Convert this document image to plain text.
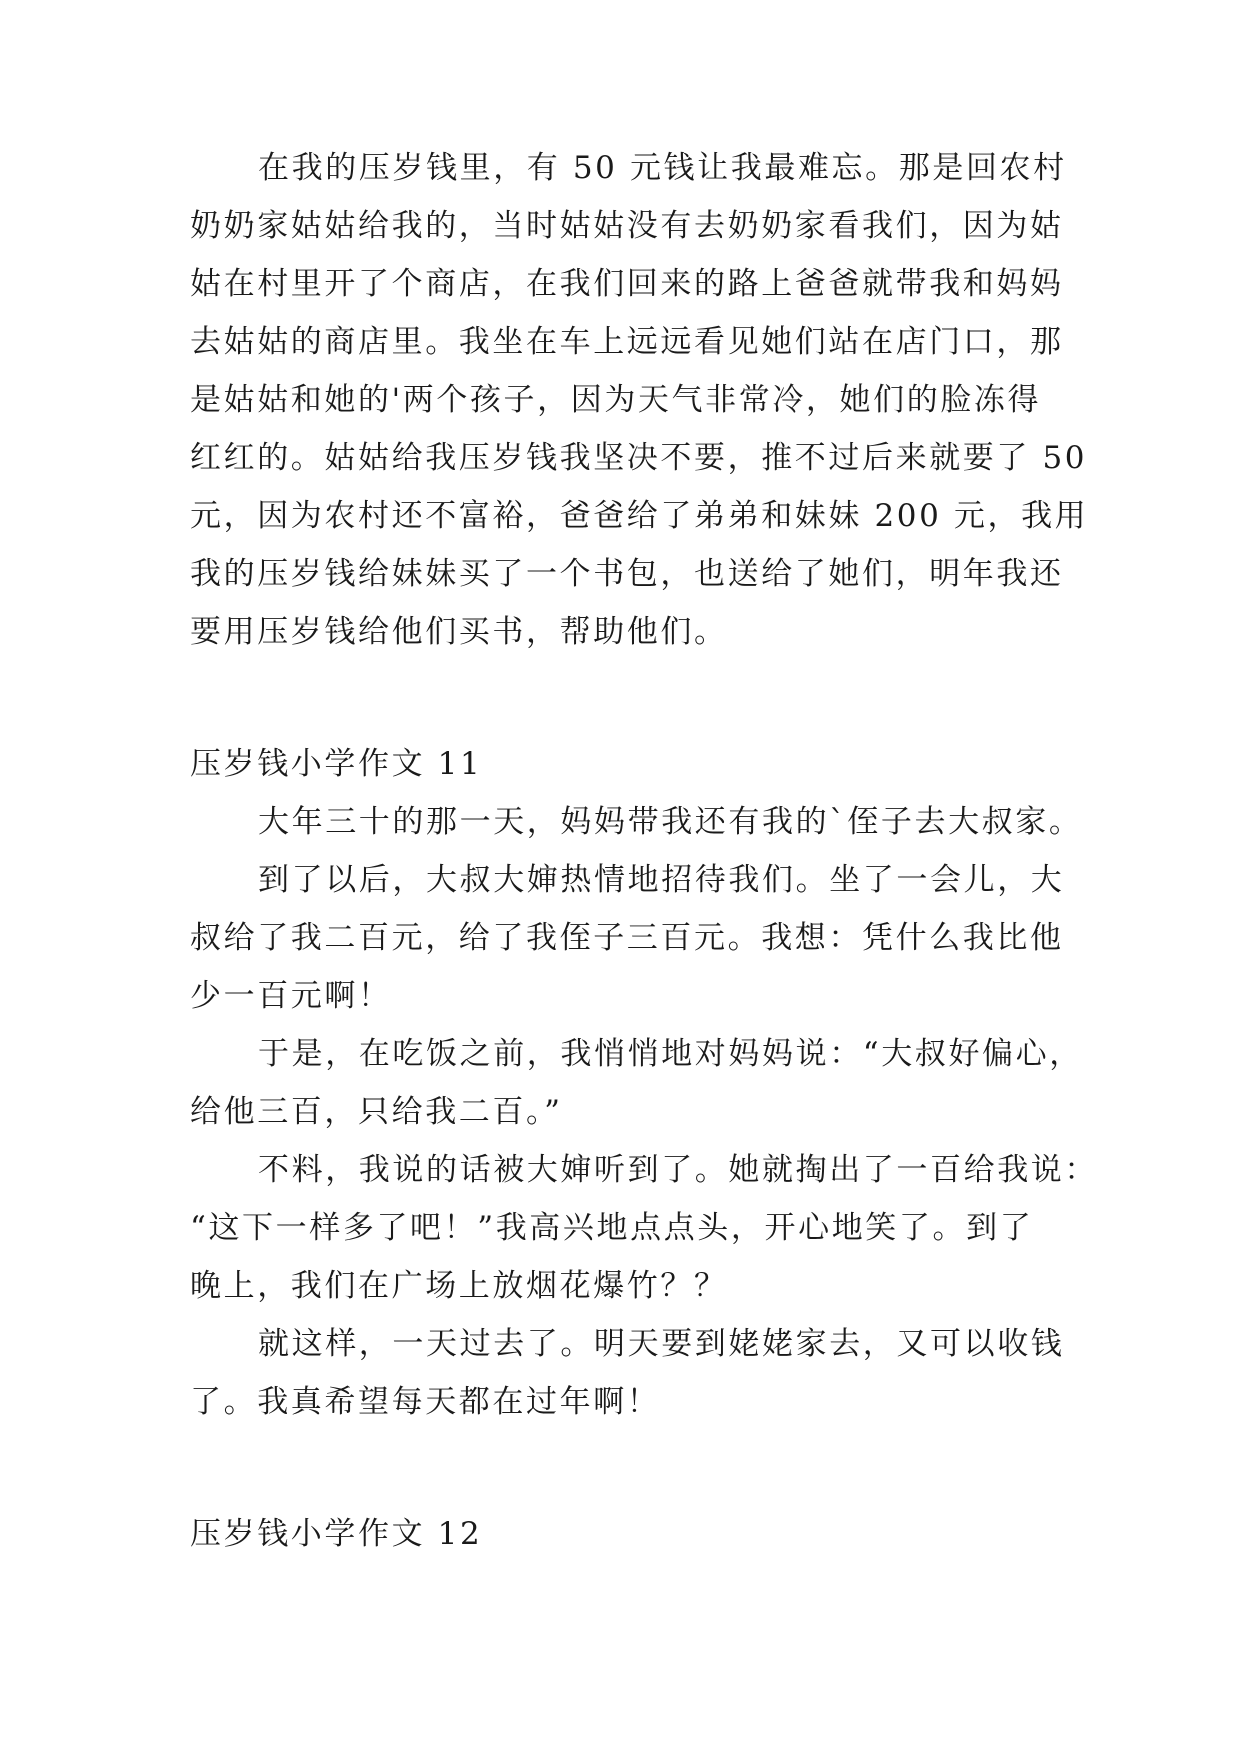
在我的压岁钱里，有 50 元钱让我最难忘。那是回农村
奶奶家姑姑给我的，当时姑姑没有去奶奶家看我们，因为姑
姑在村里开了个商店，在我们回来的路上爸爸就带我和妈妈
去姑姑的商店里。我坐在车上远远看见她们站在店门口，那
是姑姑和她的'两个孩子，因为天气非常冷，她们的脸冻得
红红的。姑姑给我压岁钱我坚决不要，推不过后来就要了 50
元，因为农村还不富裕，爸爸给了弟弟和妹妹 200 元，我用
我的压岁钱给妹妹买了一个书包，也送给了她们，明年我还
要用压岁钱给他们买书，帮助他们。
压岁钱小学作文 11
大年三十的那一天，妈妈带我还有我的`侄子去大叔家。
到了以后，大叔大婶热情地招待我们。坐了一会儿，大
叔给了我二百元，给了我侄子三百元。我想：凭什么我比他
少一百元啊！
于是，在吃饭之前，我悄悄地对妈妈说：“大叔好偏心，
给他三百，只给我二百。”
不料，我说的话被大婶听到了。她就掏出了一百给我说：
“这下一样多了吧！”我高兴地点点头，开心地笑了。到了
晚上，我们在广场上放烟花爆竹？？
就这样，一天过去了。明天要到姥姥家去，又可以收钱
了。我真希望每天都在过年啊！
压岁钱小学作文 12
